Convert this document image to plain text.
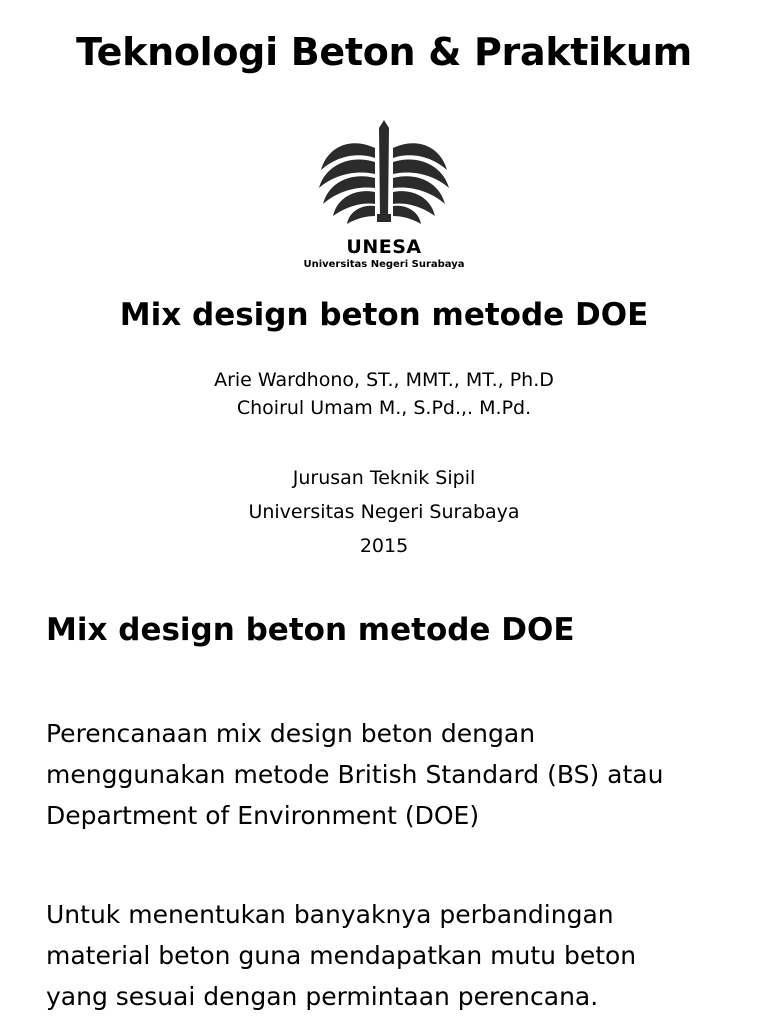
Teknologi Beton & Praktikum
UNESA
Universitas Negeri Surabaya
Mix design beton metode DOE
Arie Wardhono, ST., MMT., MT., Ph.D
Choirul Umam M., S.Pd.,. M.Pd.
Jurusan Teknik Sipil
Universitas Negeri Surabaya
2015
Mix design beton metode DOE
Perencanaan mix design beton dengan
menggunakan metode British Standard (BS) atau
Department of Environment (DOE)
Untuk menentukan banyaknya perbandingan
material beton guna mendapatkan mutu beton
yang sesuai dengan permintaan perencana.
